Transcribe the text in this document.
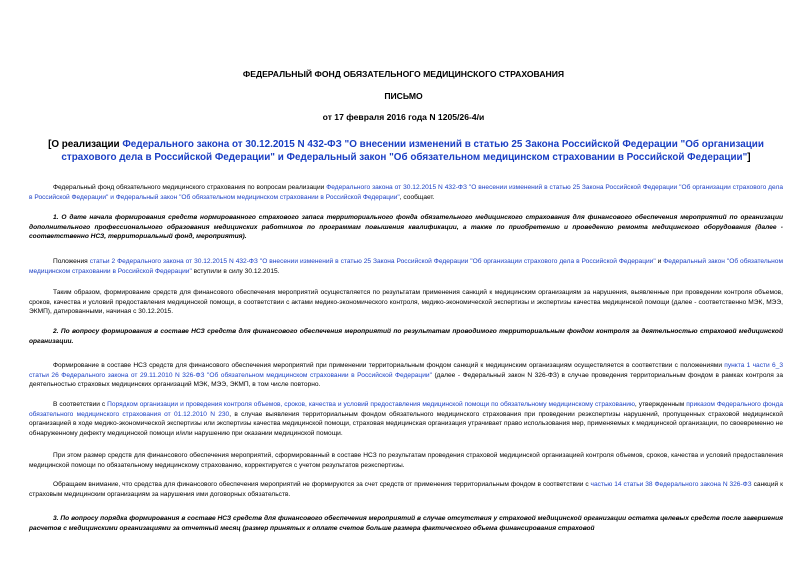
ФЕДЕРАЛЬНЫЙ ФОНД ОБЯЗАТЕЛЬНОГО МЕДИЦИНСКОГО СТРАХОВАНИЯ
ПИСЬМО
от 17 февраля 2016 года N 1205/26-4/и
[О реализации Федерального закона от 30.12.2015 N 432-ФЗ "О внесении изменений в статью 25 Закона Российской Федерации "Об организации страхового дела в Российской Федерации" и Федеральный закон "Об обязательном медицинском страховании в Российской Федерации"]

Федеральный фонд обязательного медицинского страхования по вопросам реализации Федерального закона от 30.12.2015 N 432-ФЗ "О внесении изменений в статью 25 Закона Российской Федерации "Об организации страхового дела в Российской Федерации" и Федеральный закон "Об обязательном медицинском страховании в Российской Федерации", сообщает.

1. О дате начала формирования средств нормированного страхового запаса территориального фонда обязательного медицинского страхования для финансового обеспечения мероприятий по организации дополнительного профессионального образования медицинских работников по программам повышения квалификации, а также по приобретению и проведению ремонта медицинского оборудования (далее - соответственно НСЗ, территориальный фонд, мероприятия).

Положения статьи 2 Федерального закона от 30.12.2015 N 432-ФЗ "О внесении изменений в статью 25 Закона Российской Федерации "Об организации страхового дела в Российской Федерации" и Федеральный закон "Об обязательном медицинском страховании в Российской Федерации" вступили в силу 30.12.2015.

Таким образом, формирование средств для финансового обеспечения мероприятий осуществляется по результатам применения санкций к медицинским организациям за нарушения, выявленные при проведении контроля объемов, сроков, качества и условий предоставления медицинской помощи, в соответствии с актами медико-экономического контроля, медико-экономической экспертизы и экспертизы качества медицинской помощи (далее - соответственно МЭК, МЭЭ, ЭКМП), датированными, начиная с 30.12.2015.

2. По вопросу формирования в составе НСЗ средств для финансового обеспечения мероприятий по результатам проводимого территориальным фондом контроля за деятельностью страховой медицинской организации.

Формирование в составе НСЗ средств для финансового обеспечения мероприятий при применении территориальным фондом санкций к медицинским организациям осуществляется в соответствии с положениями пункта 1 части 6_3 статьи 26 Федерального закона от 29.11.2010 N 326-ФЗ "Об обязательном медицинском страховании в Российской Федерации" (далее - Федеральный закон N 326-ФЗ) в случае проведения территориальным фондом в рамках контроля за деятельностью страховых медицинских организаций МЭК, МЭЭ, ЭКМП, в том числе повторно.

В соответствии с Порядком организации и проведения контроля объемов, сроков, качества и условий предоставления медицинской помощи по обязательному медицинскому страхованию, утвержденным приказом Федерального фонда обязательного медицинского страхования от 01.12.2010 N 230, в случае выявления территориальным фондом обязательного медицинского страхования при проведении реэкспертизы нарушений, пропущенных страховой медицинской организацией в ходе медико-экономической экспертизы или экспертизы качества медицинской помощи, страховая медицинская организация утрачивает право использования мер, применяемых к медицинской организации, по своевременно не обнаруженному дефекту медицинской помощи и/или нарушению при оказании медицинской помощи.

При этом размер средств для финансового обеспечения мероприятий, сформированный в составе НСЗ по результатам проведения страховой медицинской организацией контроля объемов, сроков, качества и условий предоставления медицинской помощи по обязательному медицинскому страхованию, корректируется с учетом результатов реэкспертизы.

Обращаем внимание, что средства для финансового обеспечения мероприятий не формируются за счет средств от применения территориальным фондом в соответствии с частью 14 статьи 38 Федерального закона N 326-ФЗ санкций к страховым медицинским организациям за нарушения ими договорных обязательств.

3. По вопросу порядка формирования в составе НСЗ средств для финансового обеспечения мероприятий в случае отсутствия у страховой медицинской организации остатка целевых средств после завершения расчетов с медицинскими организациями за отчетный месяц (размер принятых к оплате счетов больше размера фактического объема финансирования страховой
